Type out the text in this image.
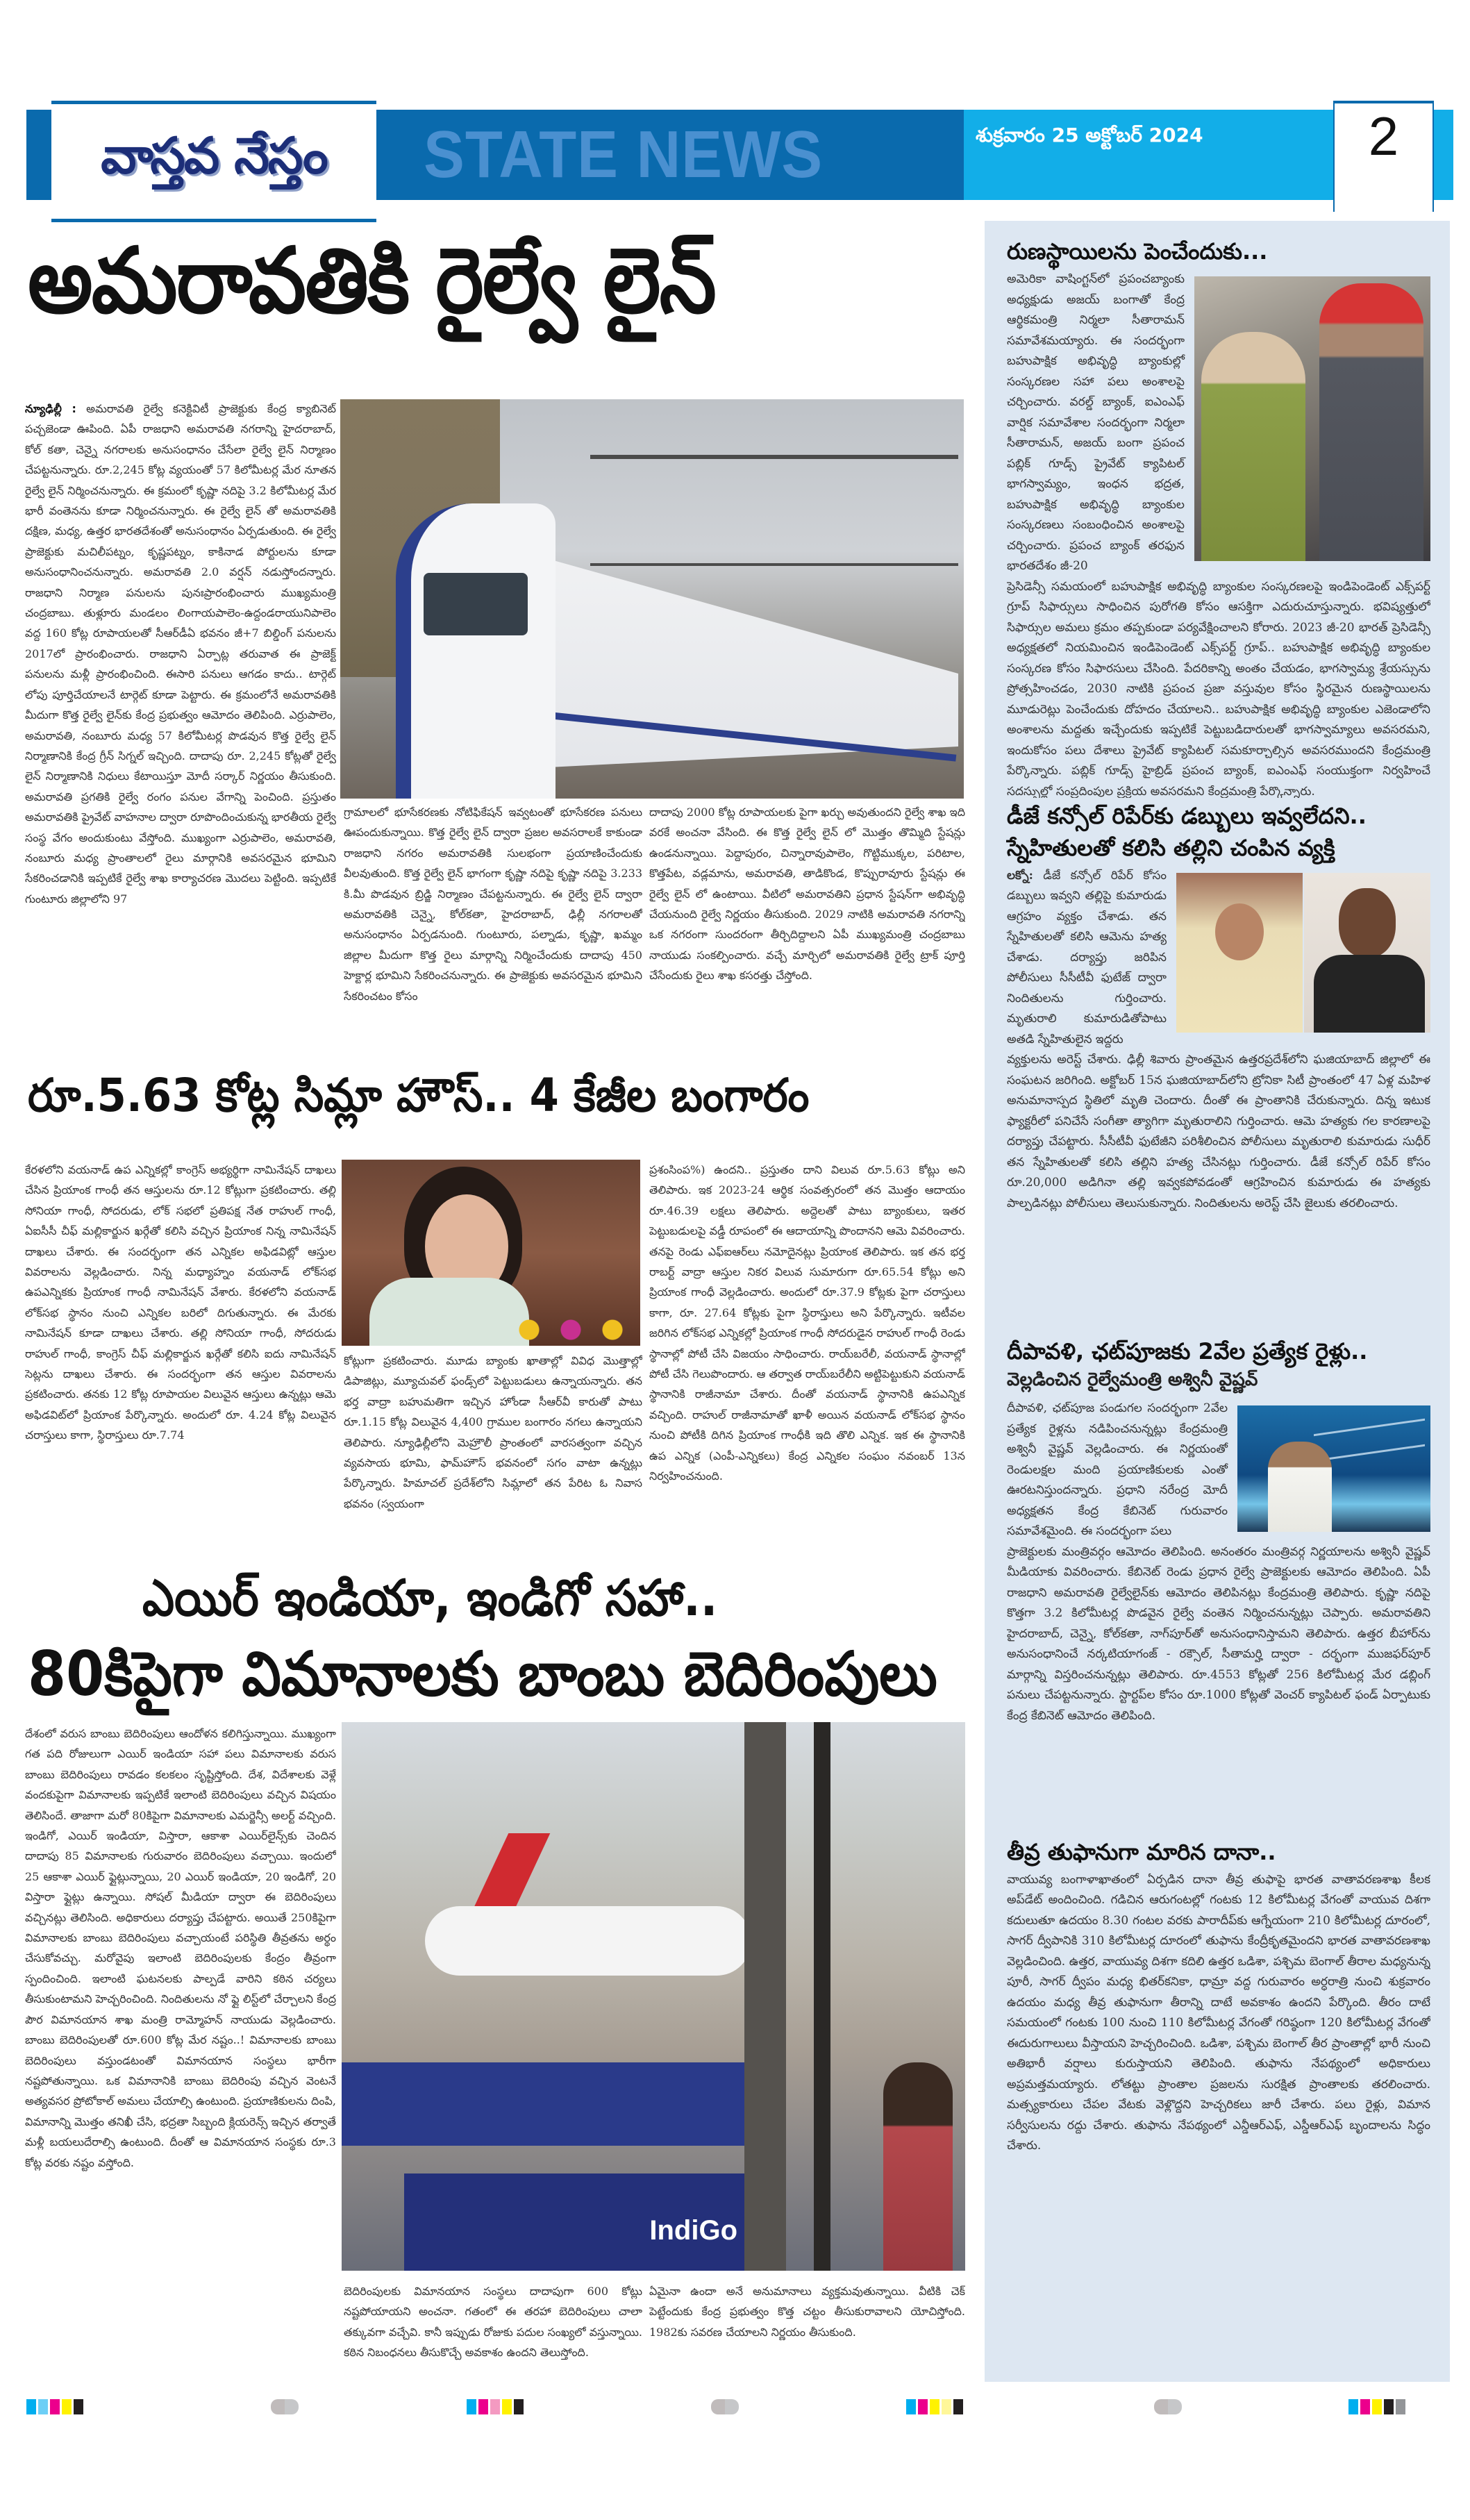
వాస్తవ నేస్తం STATE NEWS	శుక్రవారం 25 అక్టోబర్ 2024	2
అమరావతికి రైల్వే లైన్
న్యూఢిల్లీ : అమరావతి రైల్వే కనెక్టివిటీ ప్రాజెక్టుకు కేంద్ర క్యాబినెట్ పచ్చజెండా ఊపింది. ఏపీ రాజధాని అమరావతి నగరాన్ని హైదరాబాద్, కోల్ కతా, చెన్నై నగరాలకు అనుసంధానం చేసేలా రైల్వే లైన్ నిర్మాణం చేపట్టనున్నారు. రూ.2,245 కోట్ల వ్యయంతో 57 కిలోమీటర్ల మేర నూతన రైల్వే లైన్ నిర్మించనున్నారు. ఈ క్రమంలో కృష్ణా నదిపై 3.2 కిలోమీటర్ల మేర భారీ వంతెనను కూడా నిర్మించనున్నారు. ఈ రైల్వే లైన్ తో అమరావతికి దక్షిణ, మధ్య, ఉత్తర భారతదేశంతో అనుసంధానం ఏర్పడుతుంది. ఈ రైల్వే ప్రాజెక్టుకు మచిలీపట్నం, కృష్ణపట్నం, కాకినాడ పోర్టులను కూడా అనుసంధానించనున్నారు. అమరావతి 2.0 వర్షన్ నడుస్తోందన్నారు. రాజధాని నిర్మాణ పనులను పునఃప్రారంభించారు ముఖ్యమంత్రి చంద్రబాబు. తుళ్లూరు మండలం లింగాయపాలెం-ఉద్దండరాయునిపాలెం వద్ద 160 కోట్ల రూపాయలతో సీఆర్‌డీఏ భవనం జీ+7 బిల్డింగ్ పనులను 2017లో ప్రారంభించారు. రాజధాని ఏర్పాట్ల తరువాత ఈ ప్రాజెక్ట్ పనులను మళ్లీ ప్రారంభించింది. ఈసారి పనులు ఆగడం కాదు.. టార్గెట్ లోపు పూర్తిచేయాలనే టార్గెట్ కూడా పెట్టారు. ఈ క్రమంలోనే అమరావతికి మీదుగా కొత్త రైల్వే లైన్‌కు కేంద్ర ప్రభుత్వం ఆమోదం తెలిపింది. ఎర్రుపాలెం, అమరావతి, నంబూరు మధ్య 57 కిలోమీటర్ల పొడవున కొత్త రైల్వే లైన్ నిర్మాణానికి కేంద్ర గ్రీన్ సిగ్నల్ ఇచ్చింది. దాదాపు రూ. 2,245 కోట్లతో రైల్వే లైన్ నిర్మాణానికి నిధులు కేటాయిస్తూ మోదీ సర్కార్ నిర్ణయం తీసుకుంది. అమరావతి ప్రగతికి రైల్వే రంగం పనుల వేగాన్ని పెంచింది. ప్రస్తుతం అమరావతికి ప్రైవేట్ వాహనాల ద్వారా రూపొందించుకున్న భారతీయ రైల్వే సంస్థ వేగం అందుకుంటు వేస్తోంది. ముఖ్యంగా ఎర్రుపాలెం, అమరావతి, నంబూరు మధ్య ప్రాంతాలలో రైలు మార్గానికి అవసరమైన భూమిని సేకరించడానికి ఇప్పటికే రైల్వే శాఖ కార్యాచరణ మొదలు పెట్టింది. ఇప్పటికే గుంటూరు జిల్లాలోని 97
గ్రామాలలో భూసేకరణకు నోటిఫికేషన్ ఇవ్వటంతో భూసేకరణ పనులు ఊపందుకున్నాయి. కొత్త రైల్వే లైన్ ద్వారా ప్రజల అవసరాలకే కాకుండా రాజధాని నగరం అమరావతికి సులభంగా ప్రయాణించేందుకు వీలవుతుంది. కొత్త రైల్వే లైన్ భాగంగా కృష్ణా నదిపై కృష్ణా నదిపై 3.233 కి.మీ పొడవున బ్రిడ్జి నిర్మాణం చేపట్టనున్నారు. ఈ రైల్వే లైన్ ద్వారా అమరావతికి చెన్నై, కోల్‌కతా, హైదరాబాద్, ఢిల్లీ నగరాలతో అనుసంధానం ఏర్పడనుంది. గుంటూరు, పల్నాడు, కృష్ణా, ఖమ్మం జిల్లాల మీదుగా కొత్త రైలు మార్గాన్ని నిర్మించేందుకు దాదాపు 450 హెక్టార్ల భూమిని సేకరించనున్నారు. ఈ ప్రాజెక్టుకు అవసరమైన భూమిని సేకరించటం కోసం
దాదాపు 2000 కోట్ల రూపాయలకు పైగా ఖర్చు అవుతుందని రైల్వే శాఖ ఇది వరకే అంచనా వేసింది. ఈ కొత్త రైల్వే లైన్ లో మొత్తం తొమ్మిది స్టేషన్లు ఉండనున్నాయి. పెద్దాపురం, చిన్నారావుపాలెం, గొట్టిముక్కల, పరిటాల, కొత్తపేట, వడ్లమాను, అమరావతి, తాడికొండ, కొప్పురావూరు స్టేషన్లు ఈ రైల్వే లైన్ లో ఉంటాయి. వీటిలో అమరావతిని ప్రధాన స్టేషన్‌గా అభివృద్ధి చేయనుంది రైల్వే నిర్ణయం తీసుకుంది. 2029 నాటికి అమరావతి నగరాన్ని ఒక నగరంగా సుందరంగా తీర్చిదిద్దాలని ఏపీ ముఖ్యమంత్రి చంద్రబాబు నాయుడు సంకల్పించారు. వచ్చే మార్చిలో అమరావతికి రైల్వే ట్రాక్ పూర్తి చేసేందుకు రైలు శాఖ కసరత్తు చేస్తోంది.
రూ.5.63 కోట్ల సిమ్లా హౌస్.. 4 కేజీల బంగారం
కేరళలోని వయనాడ్ ఉప ఎన్నికల్లో కాంగ్రెస్ అభ్యర్థిగా నామినేషన్ దాఖలు చేసిన ప్రియాంక గాంధీ తన ఆస్తులను రూ.12 కోట్లుగా ప్రకటించారు. తల్లి సోనియా గాంధీ, సోదరుడు, లోక్ సభలో ప్రతిపక్ష నేత రాహుల్ గాంధీ, ఏఐసీసీ చీఫ్ మల్లికార్జున ఖర్గేతో కలిసి వచ్చిన ప్రియాంక నిన్న నామినేషన్ దాఖలు చేశారు. ఈ సందర్భంగా తన ఎన్నికల అఫిడవిట్లో ఆస్తుల వివరాలను వెల్లడించారు. నిన్న మధ్యాహ్నం వయనాడ్ లోక్‌సభ ఉపఎన్నికకు ప్రియాంక గాంధీ నామినేషన్ వేశారు. కేరళలోని వయనాడ్ లోక్‌సభ స్థానం నుంచి ఎన్నికల బరిలో దిగుతున్నారు. ఈ మేరకు నామినేషన్ కూడా దాఖలు చేశారు. తల్లి సోనియా గాంధీ, సోదరుడు రాహుల్ గాంధీ, కాంగ్రెస్ చీఫ్ మల్లికార్జున ఖర్గేతో కలిసి ఐదు నామినేషన్ సెట్లను దాఖలు చేశారు. ఈ సందర్భంగా తన ఆస్తుల వివరాలను ప్రకటించారు. తనకు 12 కోట్ల రూపాయల విలువైన ఆస్తులు ఉన్నట్లు ఆమె అఫిడవిట్‌లో ప్రియాంక పేర్కొన్నారు. అందులో రూ. 4.24 కోట్ల విలువైన చరాస్తులు కాగా, స్థిరాస్తులు రూ.7.74
కోట్లుగా ప్రకటించారు. మూడు బ్యాంకు ఖాతాల్లో వివిధ మొత్తాల్లో డిపాజిట్లు, మ్యూచువల్ ఫండ్స్‌లో పెట్టుబడులు ఉన్నాయన్నారు. తన భర్త వాద్రా బహుమతిగా ఇచ్చిన హోండా సీఆర్‌వీ కారుతో పాటు రూ.1.15 కోట్ల విలువైన 4,400 గ్రాముల బంగారం నగలు ఉన్నాయని తెలిపారు. న్యూఢిల్లీలోని మెహ్రౌలీ ప్రాంతంలో వారసత్వంగా వచ్చిన వ్యవసాయ భూమి, ఫామ్‌హౌస్ భవనంలో సగం వాటా ఉన్నట్లు పేర్కొన్నారు. హిమాచల్ ప్రదేశ్‌లోని సిమ్లాలో తన పేరిట ఓ నివాస భవనం (స్వయంగా
ప్రశంసింప%) ఉందని.. ప్రస్తుతం దాని విలువ రూ.5.63 కోట్లు అని తెలిపారు. ఇక 2023-24 ఆర్థిక సంవత్సరంలో తన మొత్తం ఆదాయం రూ.46.39 లక్షలు తెలిపారు. అద్దెలతో పాటు బ్యాంకులు, ఇతర పెట్టుబడులపై వడ్డీ రూపంలో ఈ ఆదాయాన్ని పొందానని ఆమె వివరించారు. తనపై రెండు ఎఫ్ఐఆర్‌లు నమోదైనట్లు ప్రియాంక తెలిపారు. ఇక తన భర్త రాబర్ట్ వాద్రా ఆస్తుల నికర విలువ సుమారుగా రూ.65.54 కోట్లు అని ప్రియాంక గాంధీ వెల్లడించారు. అందులో రూ.37.9 కోట్లకు పైగా చరాస్తులు కాగా, రూ. 27.64 కోట్లకు పైగా స్థిరాస్తులు అని పేర్కొన్నారు. ఇటీవల జరిగిన లోక్‌సభ ఎన్నికల్లో ప్రియాంక గాంధీ సోదరుడైన రాహుల్ గాంధీ రెండు స్థానాల్లో పోటీ చేసి విజయం సాధించారు. రాయ్‌బరేలీ, వయనాడ్ స్థానాల్లో పోటీ చేసి గెలుపొందారు. ఆ తర్వాత రాయ్‌బరేలీని అట్టిపెట్టుకుని వయనాడ్ స్థానానికి రాజీనామా చేశారు. దీంతో వయనాడ్ స్థానానికి ఉపఎన్నిక వచ్చింది. రాహుల్ రాజీనామాతో ఖాళీ అయిన వయనాడ్ లోక్‌సభ స్థానం నుంచి పోటీకి దిగిన ప్రియాంక గాంధీకి ఇది తొలి ఎన్నిక. ఇక ఈ స్థానానికి ఉప ఎన్నిక (ఎంపీ-ఎన్నికలు) కేంద్ర ఎన్నికల సంఘం నవంబర్ 13న నిర్వహించనుంది.
ఎయిర్ ఇండియా, ఇండిగో సహా..
80కిపైగా విమానాలకు బాంబు బెదిరింపులు
దేశంలో వరుస బాంబు బెదిరింపులు ఆందోళన కలిగిస్తున్నాయి. ముఖ్యంగా గత పది రోజులుగా ఎయిర్ ఇండియా సహా పలు విమానాలకు వరుస బాంబు బెదిరింపులు రావడం కలకలం సృష్టిస్తోంది. దేశ, విదేశాలకు వెళ్లే వందకుపైగా విమానాలకు ఇప్పటికే ఇలాంటి బెదిరింపులు వచ్చిన విషయం తెలిసిందే. తాజాగా మరో 80కిపైగా విమానాలకు ఎమర్జెన్సీ అలర్ట్ వచ్చింది. ఇండిగో, ఎయిర్ ఇండియా, విస్తారా, ఆకాశా ఎయిర్‌లైన్స్‌కు చెందిన దాదాపు 85 విమానాలకు గురువారం బెదిరింపులు వచ్చాయి. ఇందులో 25 ఆకాశా ఎయిర్ ఫ్లైట్లున్నాయి, 20 ఎయిర్ ఇండియా, 20 ఇండిగో, 20 విస్తారా ఫ్లైట్లు ఉన్నాయి. సోషల్ మీడియా ద్వారా ఈ బెదిరింపులు వచ్చినట్లు తెలిసింది. అధికారులు దర్యాప్తు చేపట్టారు. అయితే 250కిపైగా విమానాలకు బాంబు బెదిరింపులు వచ్చాయంటే పరిస్థితి తీవ్రతను అర్థం చేసుకోవచ్చు. మరోవైపు ఇలాంటి బెదిరింపులకు కేంద్రం తీవ్రంగా స్పందించింది. ఇలాంటి ఘటనలకు పాల్పడే వారిని కఠిన చర్యలు తీసుకుంటామని హెచ్చరించింది. నిందితులను నో ఫ్లై లిస్ట్‌లో చేర్చాలని కేంద్ర పౌర విమానయాన శాఖ మంత్రి రామ్మోహన్ నాయుడు వెల్లడించారు. బాంబు బెదిరింపులతో రూ.600 కోట్ల మేర నష్టం..! విమానాలకు బాంబు బెదిరింపులు వస్తుండటంతో విమానయాన సంస్థలు భారీగా నష్టపోతున్నాయి. ఒక విమానానికి బాంబు బెదిరింపు వచ్చిన వెంటనే అత్యవసర ప్రోటోకాల్ అమలు చేయాల్సి ఉంటుంది. ప్రయాణికులను దింపి, విమానాన్ని మొత్తం తనిఖీ చేసి, భద్రతా సిబ్బంది క్లియరెన్స్ ఇచ్చిన తర్వాతే మళ్లీ బయలుదేరాల్సి ఉంటుంది. దీంతో ఆ విమానయాన సంస్థకు రూ.3 కోట్ల వరకు నష్టం వస్తోంది.
IndiGo
బెదిరింపులకు విమానయాన సంస్థలు దాదాపుగా 600 కోట్లు నష్టపోయాయని అంచనా. గతంలో ఈ తరహా బెదిరింపులు చాలా తక్కువగా వచ్చేవి. కానీ ఇప్పుడు రోజుకు పదుల సంఖ్యలో వస్తున్నాయి. కఠిన నిబంధనలు తీసుకొచ్చే అవకాశం ఉందని తెలుస్తోంది.
ఏమైనా ఉందా అనే అనుమానాలు వ్యక్తమవుతున్నాయి. వీటికి చెక్ పెట్టేందుకు కేంద్ర ప్రభుత్వం కొత్త చట్టం తీసుకురావాలని యోచిస్తోంది. 1982కు సవరణ చేయాలని నిర్ణయం తీసుకుంది.
రుణస్థాయిలను పెంచేందుకు...
అమెరికా వాషింగ్టన్‌లో ప్రపంచబ్యాంకు అధ్యక్షుడు అజయ్ బంగాతో కేంద్ర ఆర్థికమంత్రి నిర్మలా సీతారామన్ సమావేశమయ్యారు. ఈ సందర్భంగా బహుపాక్షిక అభివృద్ధి బ్యాంకుల్లో సంస్కరణల సహా పలు అంశాలపై చర్చించారు. వరల్డ్ బ్యాంక్, ఐఎంఎఫ్ వార్షిక సమావేశాల సందర్భంగా నిర్మలా సీతారామన్, అజయ్ బంగా ప్రపంచ పబ్లిక్ గూడ్స్ ప్రైవేట్ క్యాపిటల్ భాగస్వామ్యం, ఇంధన భద్రత, బహుపాక్షిక అభివృద్ధి బ్యాంకుల సంస్కరణలు సంబంధించిన అంశాలపై చర్చించారు. ప్రపంచ బ్యాంక్ తరఫున భారతదేశం జీ-20
ప్రెసిడెన్సీ సమయంలో బహుపాక్షిక అభివృద్ధి బ్యాంకుల సంస్కరణలపై ఇండిపెండెంట్ ఎక్స్‌పర్ట్ గ్రూప్ సిఫార్సులు సాధించిన పురోగతి కోసం ఆసక్తిగా ఎదురుచూస్తున్నారు. భవిష్యత్తులో సిఫార్సుల అమలు క్రమం తప్పకుండా పర్యవేక్షించాలని కోరారు. 2023 జీ-20 భారత్ ప్రెసిడెన్సీ అధ్యక్షతలో నియమించిన ఇండిపెండెంట్ ఎక్స్‌పర్ట్ గ్రూప్.. బహుపాక్షిక అభివృద్ధి బ్యాంకుల సంస్కరణ కోసం సిఫారసులు చేసింది. పేదరికాన్ని అంతం చేయడం, భాగస్వామ్య శ్రేయస్సును ప్రోత్సహించడం, 2030 నాటికి ప్రపంచ ప్రజా వస్తువుల కోసం స్థిరమైన రుణస్థాయిలను మూడురెట్లు పెంచేందుకు దోహదం చేయాలని.. బహుపాక్షిక అభివృద్ధి బ్యాంకుల ఎజెండాలోని అంశాలను మద్దతు ఇచ్చేందుకు ఇప్పటికే పెట్టుబడిదారులతో భాగస్వామ్యాలు అవసరమని, ఇందుకోసం పలు దేశాలు ప్రైవేట్ క్యాపిటల్ సమకూర్చాల్సిన అవసరముందని కేంద్రమంత్రి పేర్కొన్నారు. పబ్లిక్ గూడ్స్ హైబ్రిడ్ ప్రపంచ బ్యాంక్, ఐఎంఎఫ్ సంయుక్తంగా నిర్వహించే సదస్సుల్లో సంప్రదింపుల ప్రక్రియ అవసరమని కేంద్రమంత్రి పేర్కొన్నారు.
డీజే కన్సోల్ రిపేర్‌కు డబ్బులు ఇవ్వలేదని..
స్నేహితులతో కలిసి తల్లిని చంపిన వ్యక్తి
లక్నో: డీజే కన్సోల్ రిపేర్ కోసం డబ్బులు ఇవ్వని తల్లిపై కుమారుడు ఆగ్రహం వ్యక్తం చేశాడు. తన స్నేహితులతో కలిసి ఆమెను హత్య చేశాడు. దర్యాప్తు జరిపిన పోలీసులు సీసీటీవీ ఫుటేజ్ ద్వారా నిందితులను గుర్తించారు. మృతురాలి కుమారుడితోపాటు అతడి స్నేహితులైన ఇద్దరు
వ్యక్తులను అరెస్ట్ చేశారు. ఢిల్లీ శివారు ప్రాంతమైన ఉత్తరప్రదేశ్‌లోని ఘజియాబాద్ జిల్లాలో ఈ సంఘటన జరిగింది. అక్టోబర్ 15న ఘజియాబాద్‌లోని ట్రోనికా సిటీ ప్రాంతంలో 47 ఏళ్ల మహిళ అనుమానాస్పద స్థితిలో మృతి చెందారు. దీంతో ఈ ప్రాంతానికి చేరుకున్నారు. దిన్న ఇటుక ఫ్యాక్టరీలో పనిచేసే సంగీతా త్యాగిగా మృతురాలిని గుర్తించారు. ఆమె హత్యకు గల కారణాలపై దర్యాప్తు చేపట్టారు. సీసీటీవీ ఫుటేజీని పరిశీలించిన పోలీసులు మృతురాలి కుమారుడు సుధీర్ తన స్నేహితులతో కలిసి తల్లిని హత్య చేసినట్లు గుర్తించారు. డీజే కన్సోల్ రిపేర్ కోసం రూ.20,000 అడిగినా తల్లి ఇవ్వకపోవడంతో ఆగ్రహించిన కుమారుడు ఈ హత్యకు పాల్పడినట్లు పోలీసులు తెలుసుకున్నారు. నిందితులను అరెస్ట్ చేసి జైలుకు తరలించారు.
దీపావళి, ఛట్‌పూజకు 2వేల ప్రత్యేక రైళ్లు..
వెల్లడించిన రైల్వేమంత్రి అశ్వినీ వైష్ణవ్
దీపావళి, ఛట్‌పూజ పండుగల సందర్భంగా 2వేల ప్రత్యేక రైళ్లను నడిపించనున్నట్లు కేంద్రమంత్రి అశ్వినీ వైష్ణవ్ వెల్లడించారు. ఈ నిర్ణయంతో రెండులక్షల మంది ప్రయాణికులకు ఎంతో ఊరటనిస్తుందన్నారు. ప్రధాని నరేంద్ర మోదీ అధ్యక్షతన కేంద్ర కేబినెట్ గురువారం సమావేశమైంది. ఈ సందర్భంగా పలు
ప్రాజెక్టులకు మంత్రివర్గం ఆమోదం తెలిపింది. అనంతరం మంత్రివర్గ నిర్ణయాలను అశ్వినీ వైష్ణవ్ మీడియాకు వివరించారు. కేబినెట్ రెండు ప్రధాన రైల్వే ప్రాజెక్టులకు ఆమోదం తెలిపింది. ఏపీ రాజధాని అమరావతి రైల్వేలైన్‌కు ఆమోదం తెలిపినట్లు కేంద్రమంత్రి తెలిపారు. కృష్ణా నదిపై కొత్తగా 3.2 కిలోమీటర్ల పొడవైన రైల్వే వంతెన నిర్మించనున్నట్లు చెప్పారు. అమరావతిని హైదరాబాద్, చెన్నై, కోల్‌కతా, నాగ్‌పూర్‌తో అనుసంధానిస్తామని తెలిపారు. ఉత్తర బీహార్‌ను అనుసంధానించే నర్కటియాగంజ్ - రక్సౌల్, సీతామర్హి ద్వారా - దర్భంగా ముజఫర్‌పూర్ మార్గాన్ని విస్తరించనున్నట్లు తెలిపారు. రూ.4553 కోట్లతో 256 కిలోమీటర్ల మేర డబ్లింగ్ పనులు చేపట్టనున్నారు. స్టార్టప్‌ల కోసం రూ.1000 కోట్లతో వెంచర్ క్యాపిటల్ ఫండ్ ఏర్పాటుకు కేంద్ర కేబినెట్ ఆమోదం తెలిపింది.
తీవ్ర తుఫానుగా మారిన దానా..
వాయువ్య బంగాళాఖాతంలో ఏర్పడిన దానా తీవ్ర తుఫాపై భారత వాతావరణశాఖ కీలక అప్‌డేట్ అందించింది. గడిచిన ఆరుగంటల్లో గంటకు 12 కిలోమీటర్ల వేగంతో వాయువ దిశగా కదులుతూ ఉదయం 8.30 గంటల వరకు పారాదీప్‌కు ఆగ్నేయంగా 210 కిలోమీటర్ల దూరంలో, సాగర్ ద్వీపానికి 310 కిలోమీటర్ల దూరంలో తుఫాను కేంద్రీకృతమైందని భారత వాతావరణశాఖ వెల్లడించింది. ఉత్తర, వాయువ్య దిశగా కదిలి ఉత్తర ఒడిశా, పశ్చిమ బెంగాల్ తీరాల మధ్యనున్న పూరీ, సాగర్ ద్వీపం మధ్య భితర్‌కనికా, ధామ్రా వద్ద గురువారం అర్ధరాత్రి నుంచి శుక్రవారం ఉదయం మధ్య తీవ్ర తుఫానుగా తీరాన్ని దాటే అవకాశం ఉందని పేర్కొంది. తీరం దాటే సమయంలో గంటకు 100 నుంచి 110 కిలోమీటర్ల వేగంతో గరిష్ఠంగా 120 కిలోమీటర్ల వేగంతో ఈదురుగాలులు వీస్తాయని హెచ్చరించింది. ఒడిశా, పశ్చిమ బెంగాల్ తీర ప్రాంతాల్లో భారీ నుంచి అతిభారీ వర్షాలు కురుస్తాయని తెలిపింది. తుఫాను నేపథ్యంలో అధికారులు అప్రమత్తమయ్యారు. లోతట్టు ప్రాంతాల ప్రజలను సురక్షిత ప్రాంతాలకు తరలించారు. మత్స్యకారులు చేపల వేటకు వెళ్లొద్దని హెచ్చరికలు జారీ చేశారు. పలు రైళ్లు, విమాన సర్వీసులను రద్దు చేశారు. తుఫాను నేపథ్యంలో ఎన్డీఆర్ఎఫ్, ఎస్డీఆర్ఎఫ్ బృందాలను సిద్ధం చేశారు.
